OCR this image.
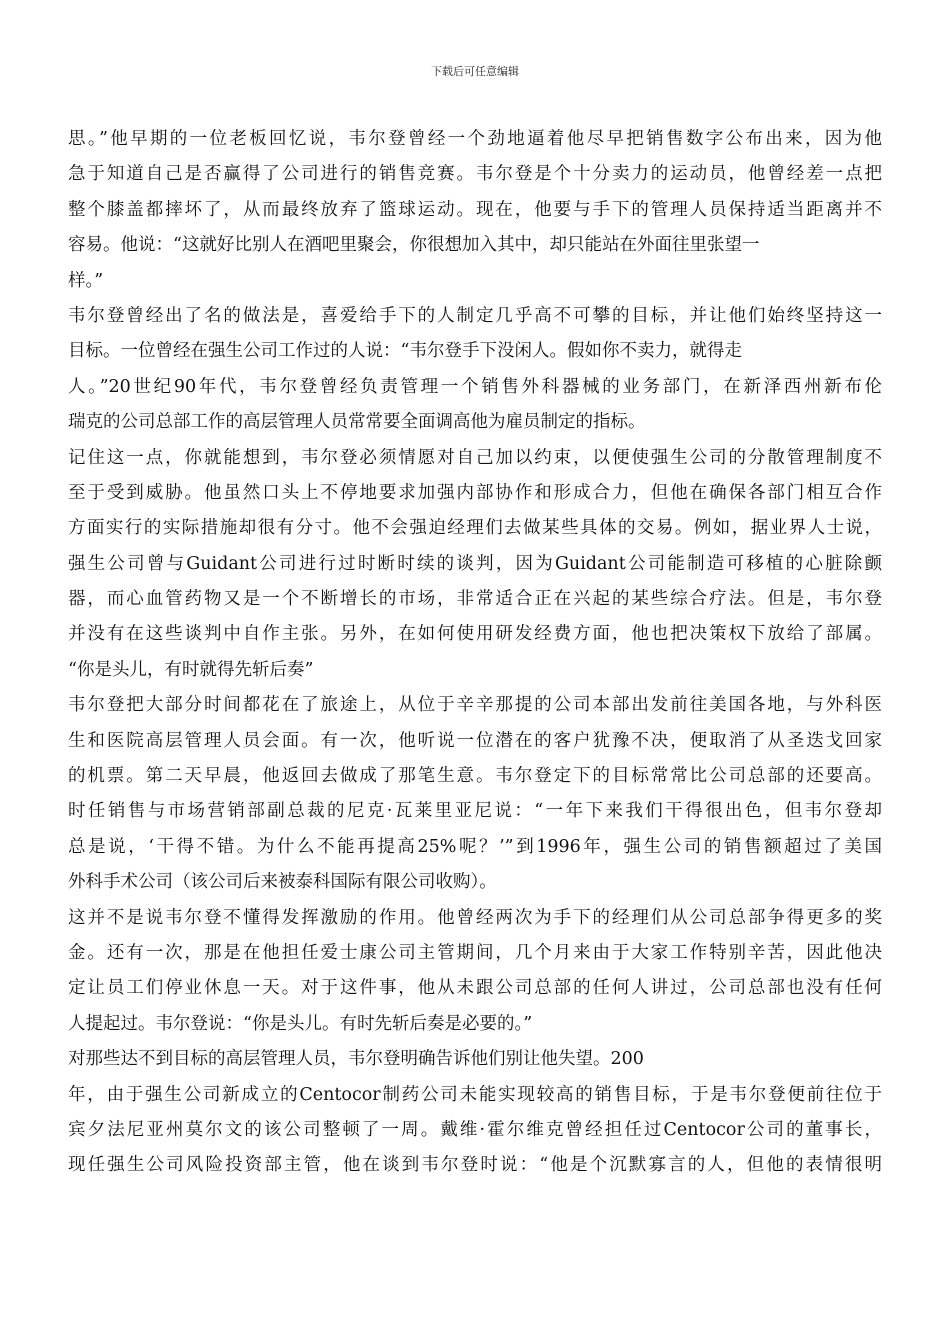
下载后可任意编辑
思。”他早期的一位老板回忆说，韦尔登曾经一个劲地逼着他尽早把销售数字公布出来，因为他
急于知道自己是否赢得了公司进行的销售竞赛。韦尔登是个十分卖力的运动员，他曾经差一点把
整个膝盖都摔坏了，从而最终放弃了篮球运动。现在，他要与手下的管理人员保持适当距离并不
容易。他说：“这就好比别人在酒吧里聚会，你很想加入其中，却只能站在外面往里张望一
样。”
韦尔登曾经出了名的做法是，喜爱给手下的人制定几乎高不可攀的目标，并让他们始终坚持这一
目标。一位曾经在强生公司工作过的人说：“韦尔登手下没闲人。假如你不卖力，就得走
人。”20世纪90年代，韦尔登曾经负责管理一个销售外科器械的业务部门，在新泽西州新布伦
瑞克的公司总部工作的高层管理人员常常要全面调高他为雇员制定的指标。
记住这一点，你就能想到，韦尔登必须情愿对自己加以约束，以便使强生公司的分散管理制度不
至于受到威胁。他虽然口头上不停地要求加强内部协作和形成合力，但他在确保各部门相互合作
方面实行的实际措施却很有分寸。他不会强迫经理们去做某些具体的交易。例如，据业界人士说，
强生公司曾与Guidant公司进行过时断时续的谈判，因为Guidant公司能制造可移植的心脏除颤
器，而心血管药物又是一个不断增长的市场，非常适合正在兴起的某些综合疗法。但是，韦尔登
并没有在这些谈判中自作主张。另外，在如何使用研发经费方面，他也把决策权下放给了部属。
“你是头儿，有时就得先斩后奏”
韦尔登把大部分时间都花在了旅途上，从位于辛辛那提的公司本部出发前往美国各地，与外科医
生和医院高层管理人员会面。有一次，他听说一位潜在的客户犹豫不决，便取消了从圣迭戈回家
的机票。第二天早晨，他返回去做成了那笔生意。韦尔登定下的目标常常比公司总部的还要高。
时任销售与市场营销部副总裁的尼克·瓦莱里亚尼说：“一年下来我们干得很出色，但韦尔登却
总是说，‘干得不错。为什么不能再提高25%呢？’”到1996年，强生公司的销售额超过了美国
外科手术公司（该公司后来被泰科国际有限公司收购）。
这并不是说韦尔登不懂得发挥激励的作用。他曾经两次为手下的经理们从公司总部争得更多的奖
金。还有一次，那是在他担任爱士康公司主管期间，几个月来由于大家工作特别辛苦，因此他决
定让员工们停业休息一天。对于这件事，他从未跟公司总部的任何人讲过，公司总部也没有任何
人提起过。韦尔登说：“你是头儿。有时先斩后奏是必要的。”
对那些达不到目标的高层管理人员，韦尔登明确告诉他们别让他失望。200
年，由于强生公司新成立的Centocor制药公司未能实现较高的销售目标，于是韦尔登便前往位于
宾夕法尼亚州莫尔文的该公司整顿了一周。戴维·霍尔维克曾经担任过Centocor公司的董事长，
现任强生公司风险投资部主管，他在谈到韦尔登时说：“他是个沉默寡言的人，但他的表情很明
